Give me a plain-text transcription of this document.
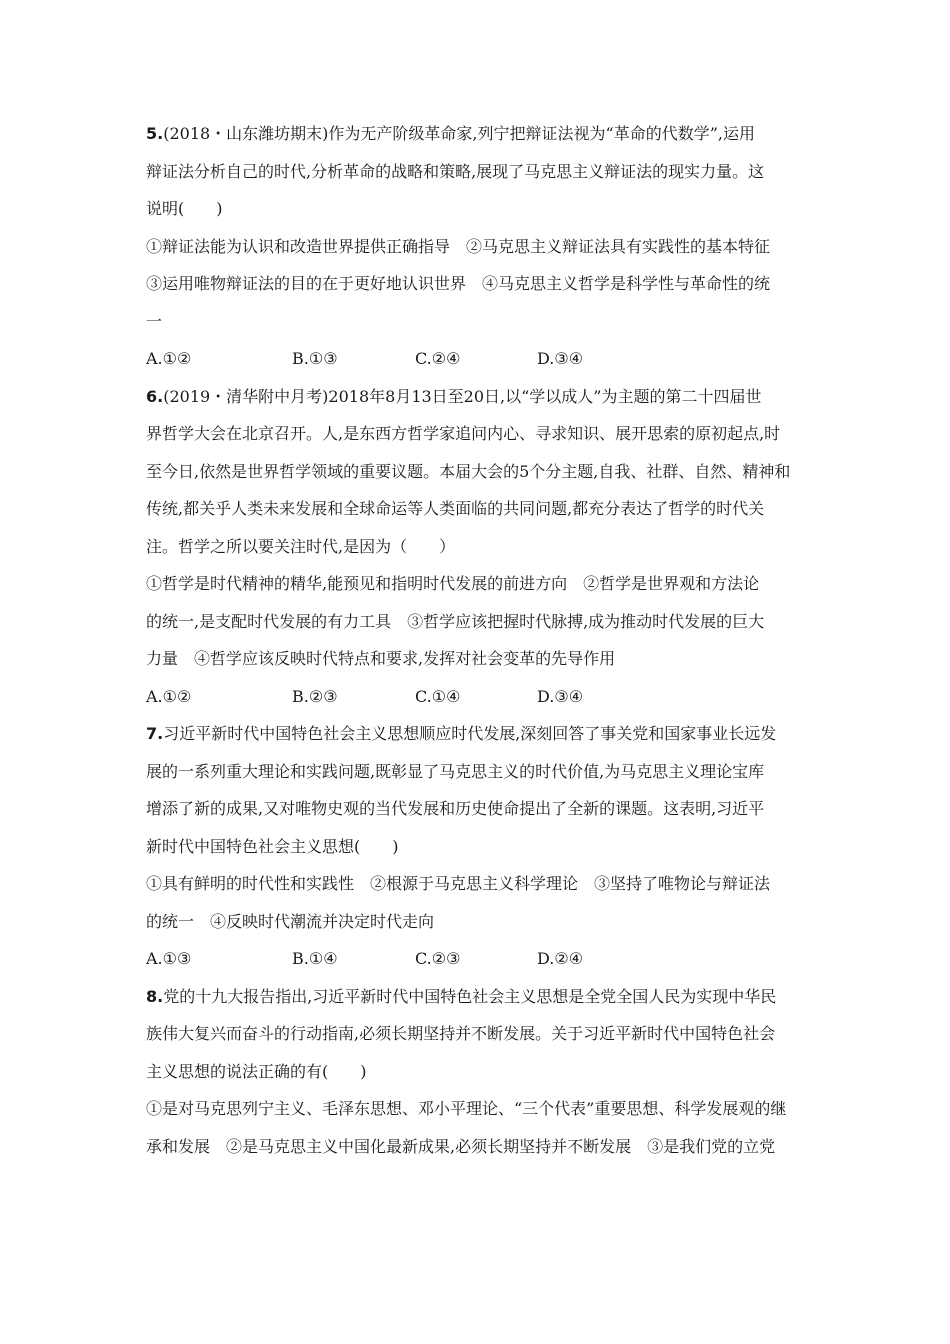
5.(2018・山东潍坊期末)作为无产阶级革命家,列宁把辩证法视为“革命的代数学”,运用
辩证法分析自己的时代,分析革命的战略和策略,展现了马克思主义辩证法的现实力量。这
说明(　　)
①辩证法能为认识和改造世界提供正确指导　②马克思主义辩证法具有实践性的基本特征
③运用唯物辩证法的目的在于更好地认识世界　④马克思主义哲学是科学性与革命性的统
一
A.①②	B.①③	C.②④	D.③④
6.(2019・清华附中月考)2018年8月13日至20日,以“学以成人”为主题的第二十四届世
界哲学大会在北京召开。人,是东西方哲学家追问内心、寻求知识、展开思索的原初起点,时
至今日,依然是世界哲学领域的重要议题。本届大会的5个分主题,自我、社群、自然、精神和
传统,都关乎人类未来发展和全球命运等人类面临的共同问题,都充分表达了哲学的时代关
注。哲学之所以要关注时代,是因为（　　）
①哲学是时代精神的精华,能预见和指明时代发展的前进方向　②哲学是世界观和方法论
的统一,是支配时代发展的有力工具　③哲学应该把握时代脉搏,成为推动时代发展的巨大
力量　④哲学应该反映时代特点和要求,发挥对社会变革的先导作用
A.①②	B.②③	C.①④	D.③④
7.习近平新时代中国特色社会主义思想顺应时代发展,深刻回答了事关党和国家事业长远发
展的一系列重大理论和实践问题,既彰显了马克思主义的时代价值,为马克思主义理论宝库
增添了新的成果,又对唯物史观的当代发展和历史使命提出了全新的课题。这表明,习近平
新时代中国特色社会主义思想(　　)
①具有鲜明的时代性和实践性　②根源于马克思主义科学理论　③坚持了唯物论与辩证法
的统一　④反映时代潮流并决定时代走向
A.①③	B.①④	C.②③	D.②④
8.党的十九大报告指出,习近平新时代中国特色社会主义思想是全党全国人民为实现中华民
族伟大复兴而奋斗的行动指南,必须长期坚持并不断发展。关于习近平新时代中国特色社会
主义思想的说法正确的有(　　)
①是对马克思列宁主义、毛泽东思想、邓小平理论、“三个代表”重要思想、科学发展观的继
承和发展　②是马克思主义中国化最新成果,必须长期坚持并不断发展　③是我们党的立党
